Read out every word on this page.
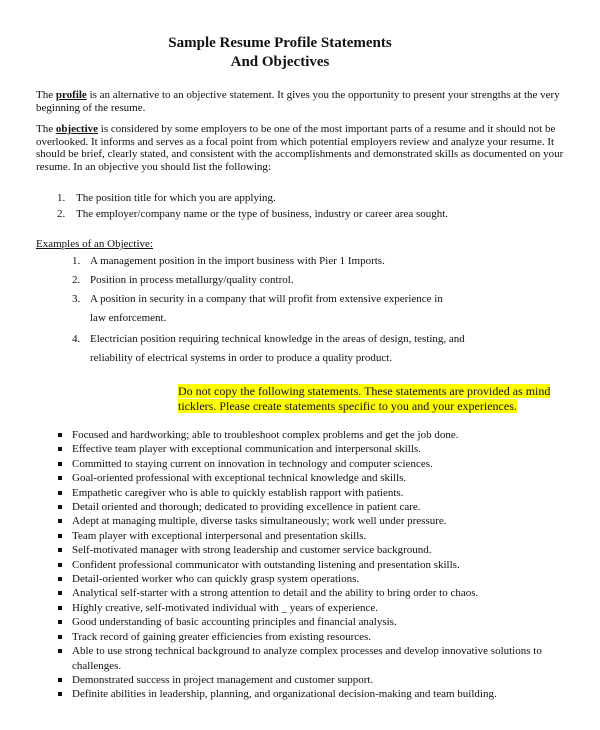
Sample Resume Profile Statements
And Objectives

The profile is an alternative to an objective statement. It gives you the opportunity to present your strengths at the very beginning of the resume.

The objective is considered by some employers to be one of the most important parts of a resume and it should not be overlooked. It informs and serves as a focal point from which potential employers review and analyze your resume. It should be brief, clearly stated, and consistent with the accomplishments and demonstrated skills as documented on your resume. In an objective you should list the following:

1. The position title for which you are applying.
2. The employer/company name or the type of business, industry or career area sought.

Examples of an Objective:

1. A management position in the import business with Pier 1 Imports.
2. Position in process metallurgy/quality control.
3. A position in security in a company that will profit from extensive experience in
law enforcement.
4. Electrician position requiring technical knowledge in the areas of design, testing, and
reliability of electrical systems in order to produce a quality product.

Do not copy the following statements. These statements are provided as mind ticklers. Please create statements specific to you and your experiences.

Focused and hardworking; able to troubleshoot complex problems and get the job done.
Effective team player with exceptional communication and interpersonal skills.
Committed to staying current on innovation in technology and computer sciences.
Goal-oriented professional with exceptional technical knowledge and skills.
Empathetic caregiver who is able to quickly establish rapport with patients.
Detail oriented and thorough; dedicated to providing excellence in patient care.
Adept at managing multiple, diverse tasks simultaneously; work well under pressure.
Team player with exceptional interpersonal and presentation skills.
Self-motivated manager with strong leadership and customer service background.
Confident professional communicator with outstanding listening and presentation skills.
Detail-oriented worker who can quickly grasp system operations.
Analytical self-starter with a strong attention to detail and the ability to bring order to chaos.
Highly creative, self-motivated individual with _ years of experience.
Good understanding of basic accounting principles and financial analysis.
Track record of gaining greater efficiencies from existing resources.
Able to use strong technical background to analyze complex processes and develop innovative solutions to challenges.
Demonstrated success in project management and customer support.
Definite abilities in leadership, planning, and organizational decision-making and team building.
